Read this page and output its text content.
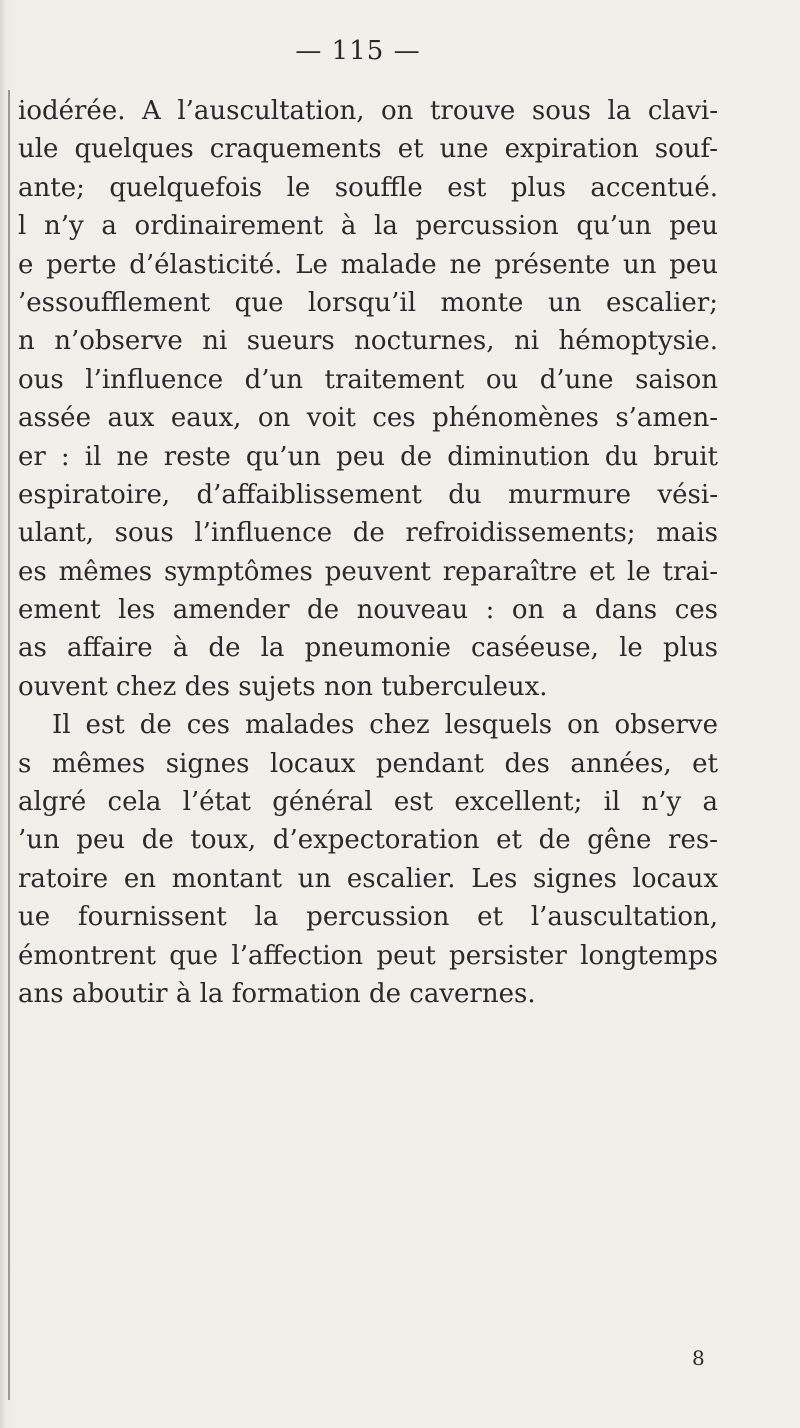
— 115 —
iodérée. A l’auscultation, on trouve sous la clavi-
ule quelques craquements et une expiration souf-
ante; quelquefois le souffle est plus accentué.
l n’y a ordinairement à la percussion qu’un peu
e perte d’élasticité. Le malade ne présente un peu
’essoufflement que lorsqu’il monte un escalier;
n n’observe ni sueurs nocturnes, ni hémoptysie.
ous l’influence d’un traitement ou d’une saison
assée aux eaux, on voit ces phénomènes s’amen-
er : il ne reste qu’un peu de diminution du bruit
espiratoire, d’affaiblissement du murmure vési-
ulant, sous l’influence de refroidissements; mais
es mêmes symptômes peuvent reparaître et le trai-
ement les amender de nouveau : on a dans ces
as affaire à de la pneumonie caséeuse, le plus
ouvent chez des sujets non tuberculeux.
Il est de ces malades chez lesquels on observe
s mêmes signes locaux pendant des années, et
algré cela l’état général est excellent; il n’y a
’un peu de toux, d’expectoration et de gêne res-
ratoire en montant un escalier. Les signes locaux
ue fournissent la percussion et l’auscultation,
émontrent que l’affection peut persister longtemps
ans aboutir à la formation de cavernes.
8
